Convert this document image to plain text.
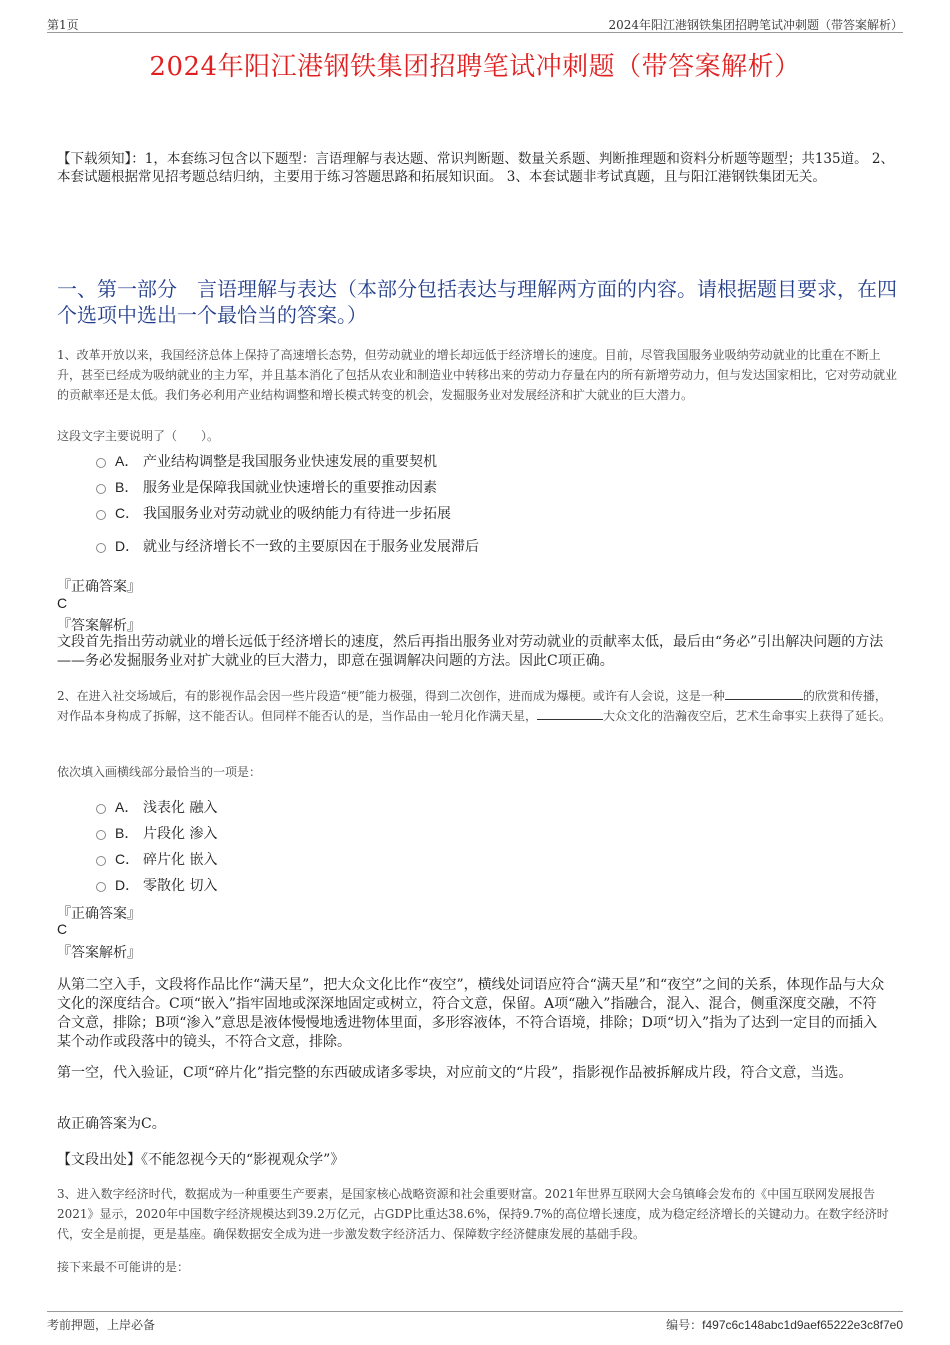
第1页	2024年阳江港钢铁集团招聘笔试冲刺题（带答案解析）
2024年阳江港钢铁集团招聘笔试冲刺题（带答案解析）
【下载须知】：1，本套练习包含以下题型：言语理解与表达题、常识判断题、数量关系题、判断推理题和资料分析题等题型；共135道。 2、本套试题根据常见招考题总结归纳，主要用于练习答题思路和拓展知识面。 3、本套试题非考试真题，且与阳江港钢铁集团无关。
一、第一部分　言语理解与表达（本部分包括表达与理解两方面的内容。请根据题目要求，在四个选项中选出一个最恰当的答案。）
1、改革开放以来，我国经济总体上保持了高速增长态势，但劳动就业的增长却远低于经济增长的速度。目前，尽管我国服务业吸纳劳动就业的比重在不断上升，甚至已经成为吸纳就业的主力军，并且基本消化了包括从农业和制造业中转移出来的劳动力存量在内的所有新增劳动力，但与发达国家相比，它对劳动就业的贡献率还是太低。我们务必利用产业结构调整和增长模式转变的机会，发掘服务业对发展经济和扩大就业的巨大潜力。
这段文字主要说明了（　　）。
A． 产业结构调整是我国服务业快速发展的重要契机
B． 服务业是保障我国就业快速增长的重要推动因素
C． 我国服务业对劳动就业的吸纳能力有待进一步拓展
D． 就业与经济增长不一致的主要原因在于服务业发展滞后
『正确答案』
C
『答案解析』
文段首先指出劳动就业的增长远低于经济增长的速度，然后再指出服务业对劳动就业的贡献率太低，最后由“务必”引出解决问题的方法——务必发掘服务业对扩大就业的巨大潜力，即意在强调解决问题的方法。因此C项正确。
2、在进入社交场域后，有的影视作品会因一些片段造“梗”能力极强，得到二次创作，进而成为爆梗。或许有人会说，这是一种	的欣赏和传播，对作品本身构成了拆解，这不能否认。但同样不能否认的是，当作品由一轮月化作满天星，	大众文化的浩瀚夜空后，艺术生命事实上获得了延长。
依次填入画横线部分最恰当的一项是：
A． 浅表化 融入
B． 片段化 渗入
C． 碎片化 嵌入
D． 零散化 切入
『正确答案』
C
『答案解析』
从第二空入手，文段将作品比作“满天星”，把大众文化比作“夜空”，横线处词语应符合“满天星”和“夜空”之间的关系，体现作品与大众文化的深度结合。C项“嵌入”指牢固地或深深地固定或树立，符合文意，保留。A项“融入”指融合，混入、混合，侧重深度交融，不符合文意，排除；B项“渗入”意思是液体慢慢地透进物体里面，多形容液体，不符合语境，排除；D项“切入”指为了达到一定目的而插入某个动作或段落中的镜头，不符合文意，排除。
第一空，代入验证，C项“碎片化”指完整的东西破成诸多零块，对应前文的“片段”，指影视作品被拆解成片段，符合文意，当选。
故正确答案为C。
【文段出处】《不能忽视今天的“影视观众学”》
3、进入数字经济时代，数据成为一种重要生产要素，是国家核心战略资源和社会重要财富。2021年世界互联网大会乌镇峰会发布的《中国互联网发展报告2021》显示，2020年中国数字经济规模达到39.2万亿元，占GDP比重达38.6%，保持9.7%的高位增长速度，成为稳定经济增长的关键动力。在数字经济时代，安全是前提，更是基座。确保数据安全成为进一步激发数字经济活力、保障数字经济健康发展的基础手段。
接下来最不可能讲的是：
考前押题，上岸必备	编号：f497c6c148abc1d9aef65222e3c8f7e0
